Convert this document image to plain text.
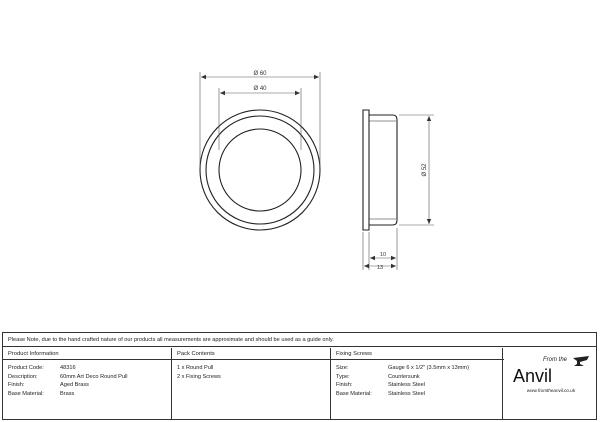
Ø 60
Ø 40
Ø 52
10
13
Please Note, due to the hand crafted nature of our products all measurements are approximate and should be used as a guide only.
Product Information
Product Code:	48316
Description:	60mm Art Deco Round Pull
Finish:	Aged Brass
Base Material:	Brass
Pack Contents
1 x Round Pull
2 x Fixing Screws
Fixing Screws
Size:	Gauge 6 x 1/2" (3.5mm x 13mm)
Type:	Countersunk
Finish:	Stainless Steel
Base Material:	Stainless Steel
From the
Anvil
www.fromtheanvil.co.uk
